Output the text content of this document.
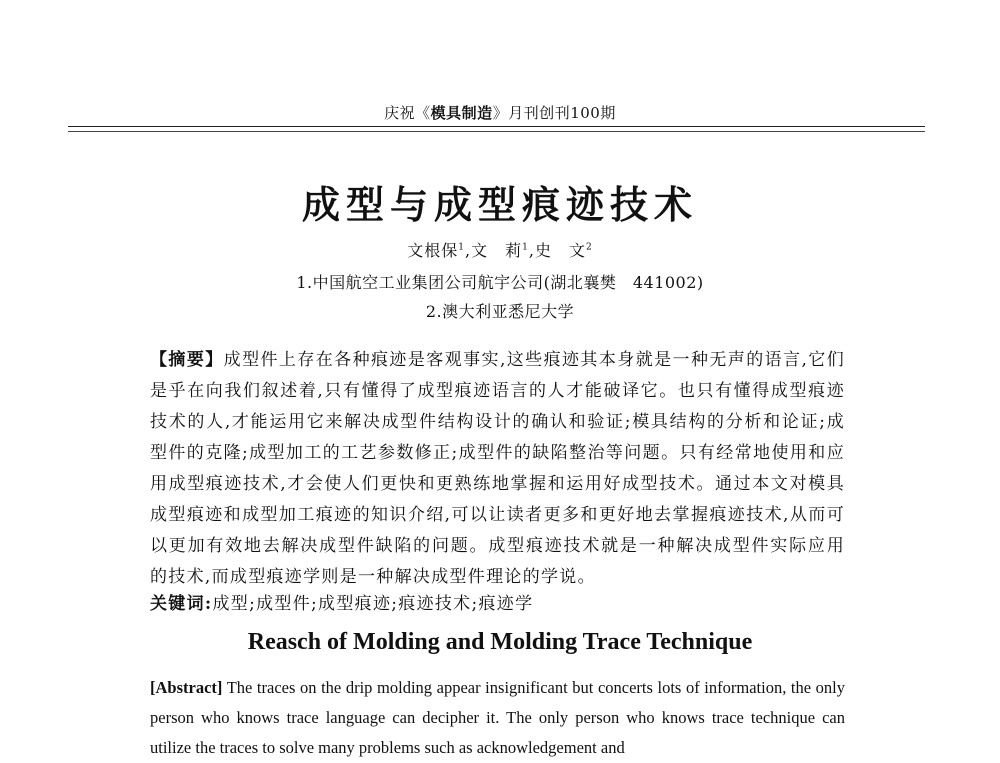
庆祝《模具制造》月刊创刊100期
成型与成型痕迹技术
文根保$^1$,文　莉$^1$,史　文$^2$
1.中国航空工业集团公司航宇公司(湖北襄樊　441002)
2.澳大利亚悉尼大学
【摘要】成型件上存在各种痕迹是客观事实,这些痕迹其本身就是一种无声的语言,它们是乎在向我们叙述着,只有懂得了成型痕迹语言的人才能破译它。也只有懂得成型痕迹技术的人,才能运用它来解决成型件结构设计的确认和验证;模具结构的分析和论证;成型件的克隆;成型加工的工艺参数修正;成型件的缺陷整治等问题。只有经常地使用和应用成型痕迹技术,才会使人们更快和更熟练地掌握和运用好成型技术。通过本文对模具成型痕迹和成型加工痕迹的知识介绍,可以让读者更多和更好地去掌握痕迹技术,从而可以更加有效地去解决成型件缺陷的问题。成型痕迹技术就是一种解决成型件实际应用的技术,而成型痕迹学则是一种解决成型件理论的学说。
关键词:成型;成型件;成型痕迹;痕迹技术;痕迹学
Reasch of Molding and Molding Trace Technique
[Abstract] The traces on the drip molding appear insignificant but concerts lots of information, the only person who knows trace language can decipher it. The only person who knows trace technique can utilize the traces to solve many problems such as acknowledgement and
